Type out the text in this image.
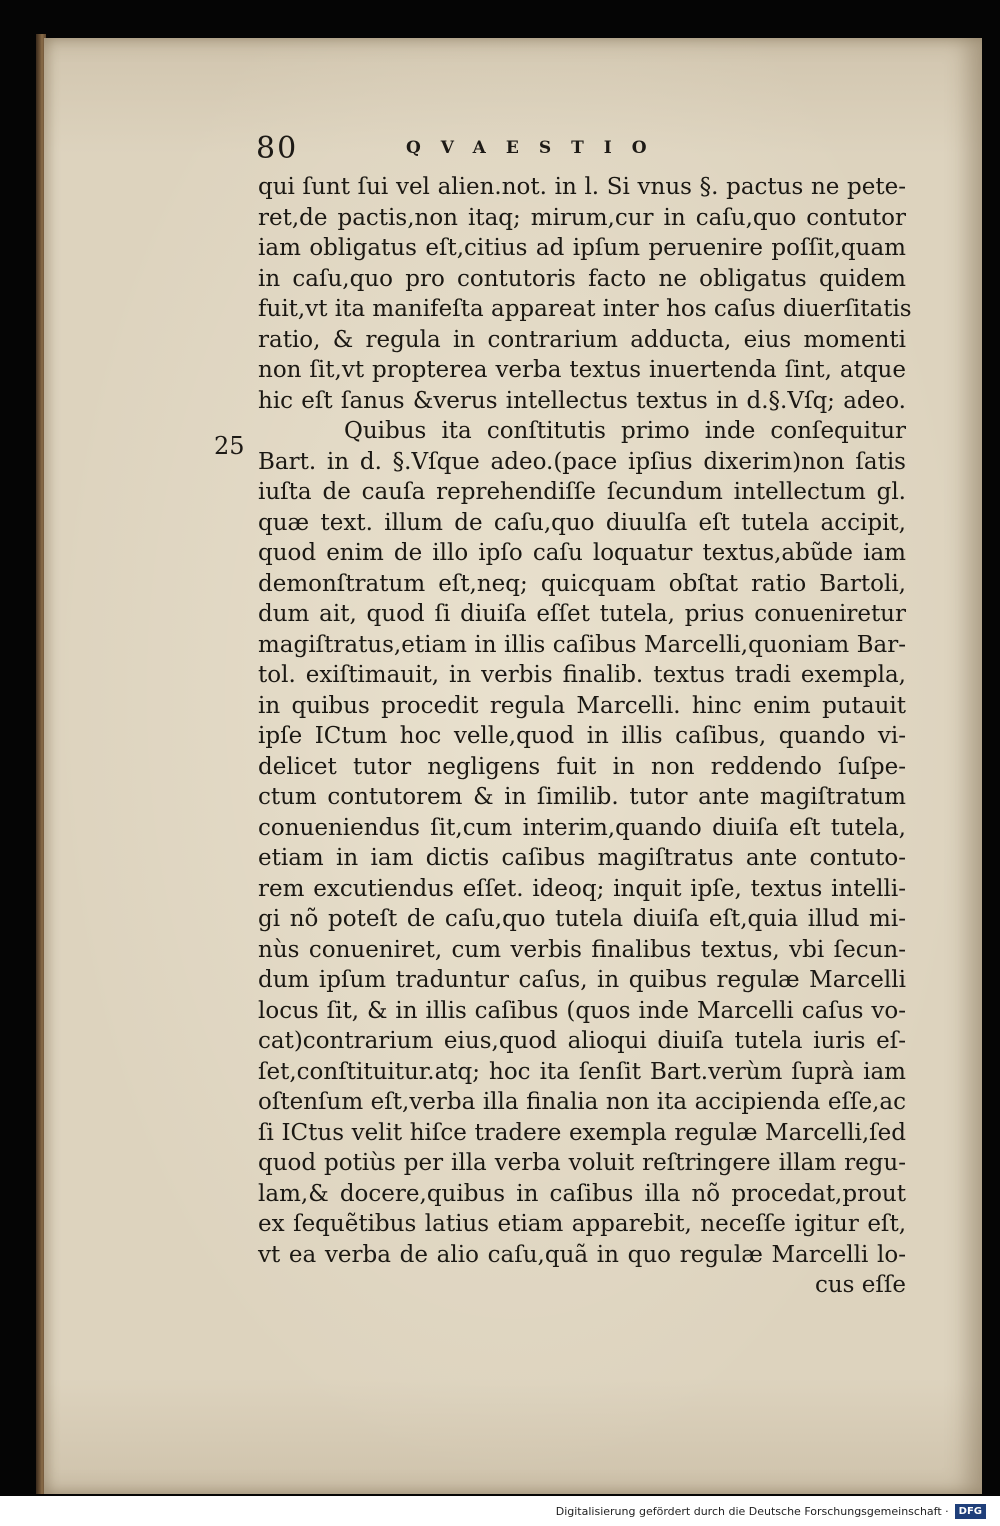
80	QVAESTIO
25
qui ſunt ſui vel alien.not. in l. Si vnus §. pactus ne pete-
ret,de pactis,non itaq; mirum,cur in caſu,quo contutor
iam obligatus eſt,citius ad ipſum peruenire poſſit,quam
in caſu,quo pro contutoris facto ne obligatus quidem
fuit,vt ita manifeſta appareat inter hos caſus diuerſitatis
ratio, & regula in contrarium adducta, eius momenti
non ſit,vt propterea verba textus inuertenda ſint, atque
hic eſt ſanus &verus intellectus textus in d.§.Vſq; adeo.
Quibus ita conſtitutis primo inde conſequitur
Bart. in d. §.Vſque adeo.(pace ipſius dixerim)non ſatis
iuſta de cauſa reprehendiſſe ſecundum intellectum gl.
quæ text. illum de caſu,quo diuulſa eſt tutela accipit,
quod enim de illo ipſo caſu loquatur textus,abũde iam
demonſtratum eſt,neq; quicquam obſtat ratio Bartoli,
dum ait, quod ſi diuiſa eſſet tutela, prius conueniretur
magiſtratus,etiam in illis caſibus Marcelli,quoniam Bar-
tol. exiſtimauit, in verbis finalib. textus tradi exempla,
in quibus procedit regula Marcelli. hinc enim putauit
ipſe ICtum hoc velle,quod in illis caſibus, quando vi-
delicet tutor negligens fuit in non reddendo ſuſpe-
ctum contutorem & in ſimilib. tutor ante magiſtratum
conueniendus ſit,cum interim,quando diuiſa eſt tutela,
etiam in iam dictis caſibus magiſtratus ante contuto-
rem excutiendus eſſet. ideoq; inquit ipſe, textus intelli-
gi nõ poteſt de caſu,quo tutela diuiſa eſt,quia illud mi-
nùs conueniret, cum verbis finalibus textus, vbi ſecun-
dum ipſum traduntur caſus, in quibus regulæ Marcelli
locus ſit, & in illis caſibus (quos inde Marcelli caſus vo-
cat)contrarium eius,quod alioqui diuiſa tutela iuris eſ-
ſet,conſtituitur.atq; hoc ita ſenſit Bart.verùm ſuprà iam
oſtenſum eſt,verba illa finalia non ita accipienda eſſe,ac
ſi ICtus velit hiſce tradere exempla regulæ Marcelli,ſed
quod potiùs per illa verba voluit reſtringere illam regu-
lam,& docere,quibus in caſibus illa nõ procedat,prout
ex ſequẽtibus latius etiam apparebit, neceſſe igitur eſt,
vt ea verba de alio caſu,quã in quo regulæ Marcelli lo-
cus eſſe
Digitalisierung gefördert durch die Deutsche Forschungsgemeinschaft ·	DFG
